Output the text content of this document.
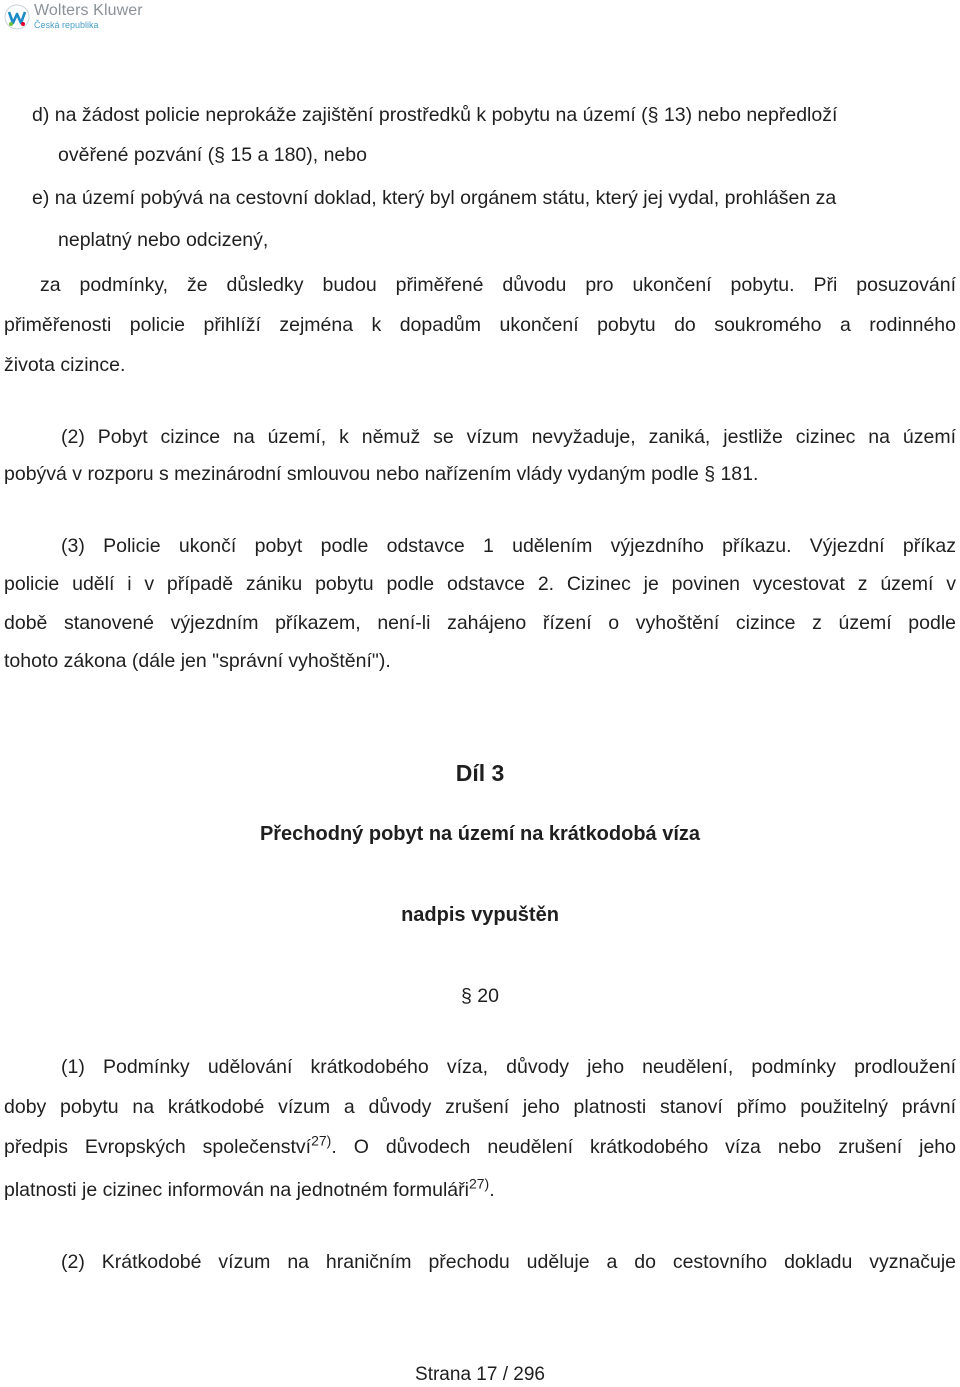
Wolters Kluwer
Česká republika

d) na žádost policie neprokáže zajištění prostředků k pobytu na území (§ 13) nebo nepředloží

ověřené pozvání (§ 15 a 180), nebo

e) na území pobývá na cestovní doklad, který byl orgánem státu, který jej vydal, prohlášen za

neplatný nebo odcizený,

za podmínky, že důsledky budou přiměřené důvodu pro ukončení pobytu. Při posuzování

přiměřenosti policie přihlíží zejména k dopadům ukončení pobytu do soukromého a rodinného

života cizince.

(2) Pobyt cizince na území, k němuž se vízum nevyžaduje, zaniká, jestliže cizinec na území

pobývá v rozporu s mezinárodní smlouvou nebo nařízením vlády vydaným podle § 181.

(3) Policie ukončí pobyt podle odstavce 1 udělením výjezdního příkazu. Výjezdní příkaz

policie udělí i v případě zániku pobytu podle odstavce 2. Cizinec je povinen vycestovat z území v

době stanovené výjezdním příkazem, není-li zahájeno řízení o vyhoštění cizince z území podle

tohoto zákona (dále jen "správní vyhoštění").

Díl 3
Přechodný pobyt na území na krátkodobá víza
nadpis vypuštěn

§ 20

(1) Podmínky udělování krátkodobého víza, důvody jeho neudělení, podmínky prodloužení

doby pobytu na krátkodobé vízum a důvody zrušení jeho platnosti stanoví přímo použitelný právní

předpis Evropských společenství$^{27)}$. O důvodech neudělení krátkodobého víza nebo zrušení jeho

platnosti je cizinec informován na jednotném formuláři$^{27)}$.

(2) Krátkodobé vízum na hraničním přechodu uděluje a do cestovního dokladu vyznačuje

Strana 17 / 296
